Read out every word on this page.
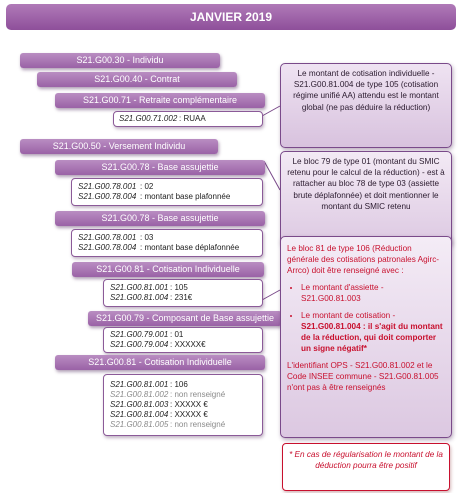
JANVIER 2019
S21.G00.30 - Individu
S21.G00.40 - Contrat
S21.G00.71 - Retraite complémentaire
S21.G00.71.002 : RUAA
S21.G00.50 - Versement Individu
S21.G00.78 - Base assujettie
S21.G00.78.001 : 02
S21.G00.78.004 : montant base plafonnée
S21.G00.78 - Base assujettie
S21.G00.78.001 : 03
S21.G00.78.004 : montant base déplafonnée
S21.G00.81 - Cotisation Individuelle
S21.G00.81.001 : 105
S21.G00.81.004 : 231€
S21.G00.79 - Composant de Base assujettie
S21.G00.79.001 : 01
S21.G00.79.004 : XXXXX€
S21.G00.81 - Cotisation Individuelle
S21.G00.81.001 : 106
S21.G00.81.002 : non renseigné
S21.G00.81.003 : XXXXX €
S21.G00.81.004 : XXXXX €
S21.G00.81.005 : non renseigné
Le montant de cotisation individuelle - S21.G00.81.004 de type 105 (cotisation régime unifié AA) attendu est le montant global (ne pas déduire la réduction)
Le bloc 79 de type 01 (montant du SMIC retenu pour le calcul de la réduction) - est à rattacher au bloc 78 de type 03 (assiette brute déplafonnée) et doit mentionner le montant du SMIC retenu

Le bloc 81 de type 106 (Réduction générale des cotisations patronales Agirc-Arrco) doit être renseigné avec :

• Le montant d'assiette - S21.G00.81.003
• Le montant de cotisation - S21.G00.81.004 : il s'agit du montant de la réduction, qui doit comporter un signe négatif*

L'identifiant OPS - S21.G00.81.002 et le Code INSEE commune - S21.G00.81.005 n'ont pas à être renseignés

* En cas de régularisation le montant de la déduction pourra être positif
